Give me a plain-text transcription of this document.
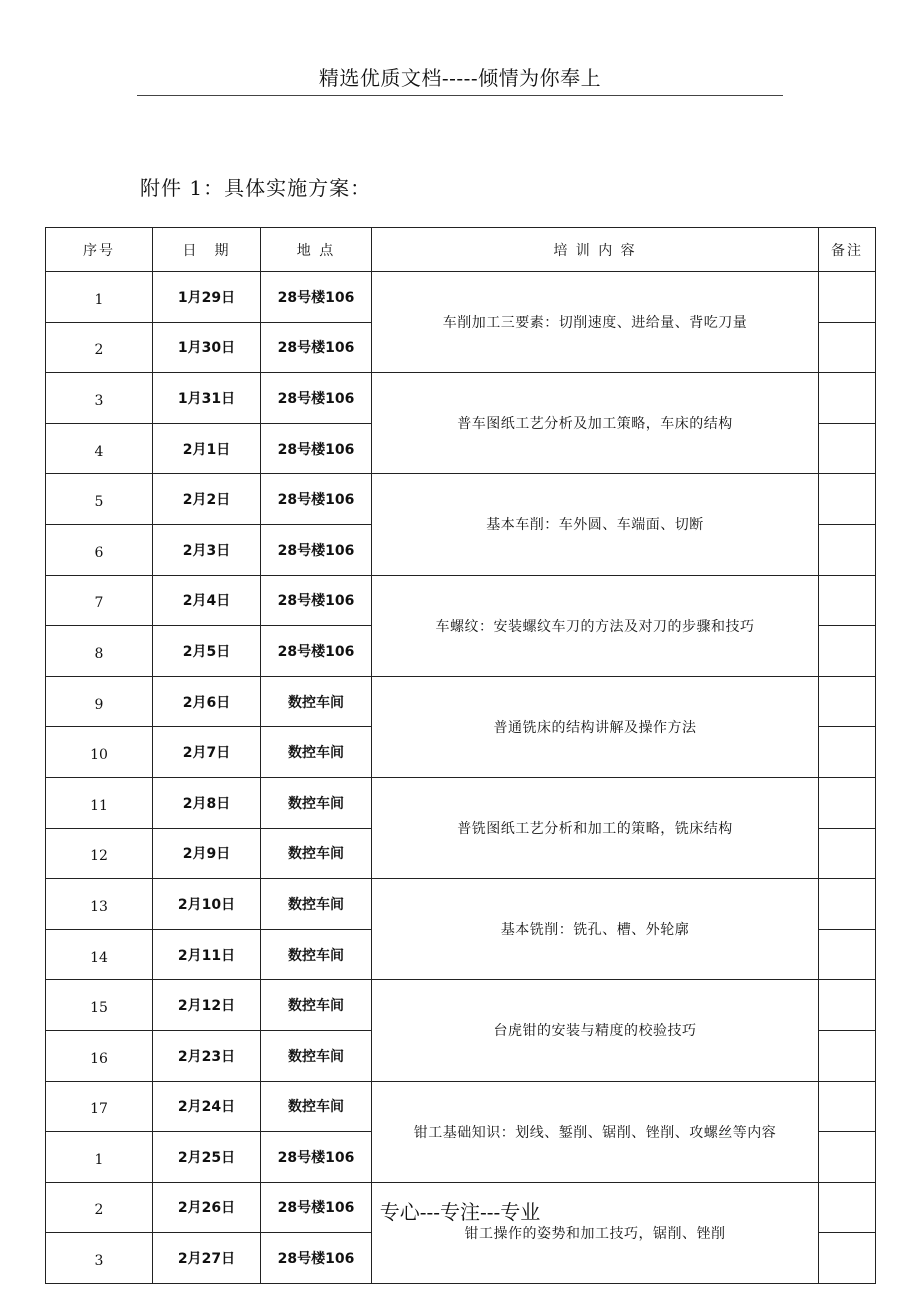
精选优质文档-----倾情为你奉上
附件 1：具体实施方案：
序号	日　期	地 点	培 训 内 容	备注
1	1月29日	28号楼106	车削加工三要素：切削速度、进给量、背吃刀量	
2	1月30日	28号楼106		
3	1月31日	28号楼106	普车图纸工艺分析及加工策略，车床的结构	
4	2月1日	28号楼106		
5	2月2日	28号楼106	基本车削：车外圆、车端面、切断	
6	2月3日	28号楼106		
7	2月4日	28号楼106	车螺纹：安装螺纹车刀的方法及对刀的步骤和技巧	
8	2月5日	28号楼106		
9	2月6日	数控车间	普通铣床的结构讲解及操作方法	
10	2月7日	数控车间		
11	2月8日	数控车间	普铣图纸工艺分析和加工的策略，铣床结构	
12	2月9日	数控车间		
13	2月10日	数控车间	基本铣削：铣孔、槽、外轮廓	
14	2月11日	数控车间		
15	2月12日	数控车间	台虎钳的安装与精度的校验技巧	
16	2月23日	数控车间		
17	2月24日	数控车间	钳工基础知识：划线、錾削、锯削、锉削、攻螺丝等内容	
1	2月25日	28号楼106		
2	2月26日	28号楼106	钳工操作的姿势和加工技巧，锯削、锉削	
3	2月27日	28号楼106		
专心---专注---专业
